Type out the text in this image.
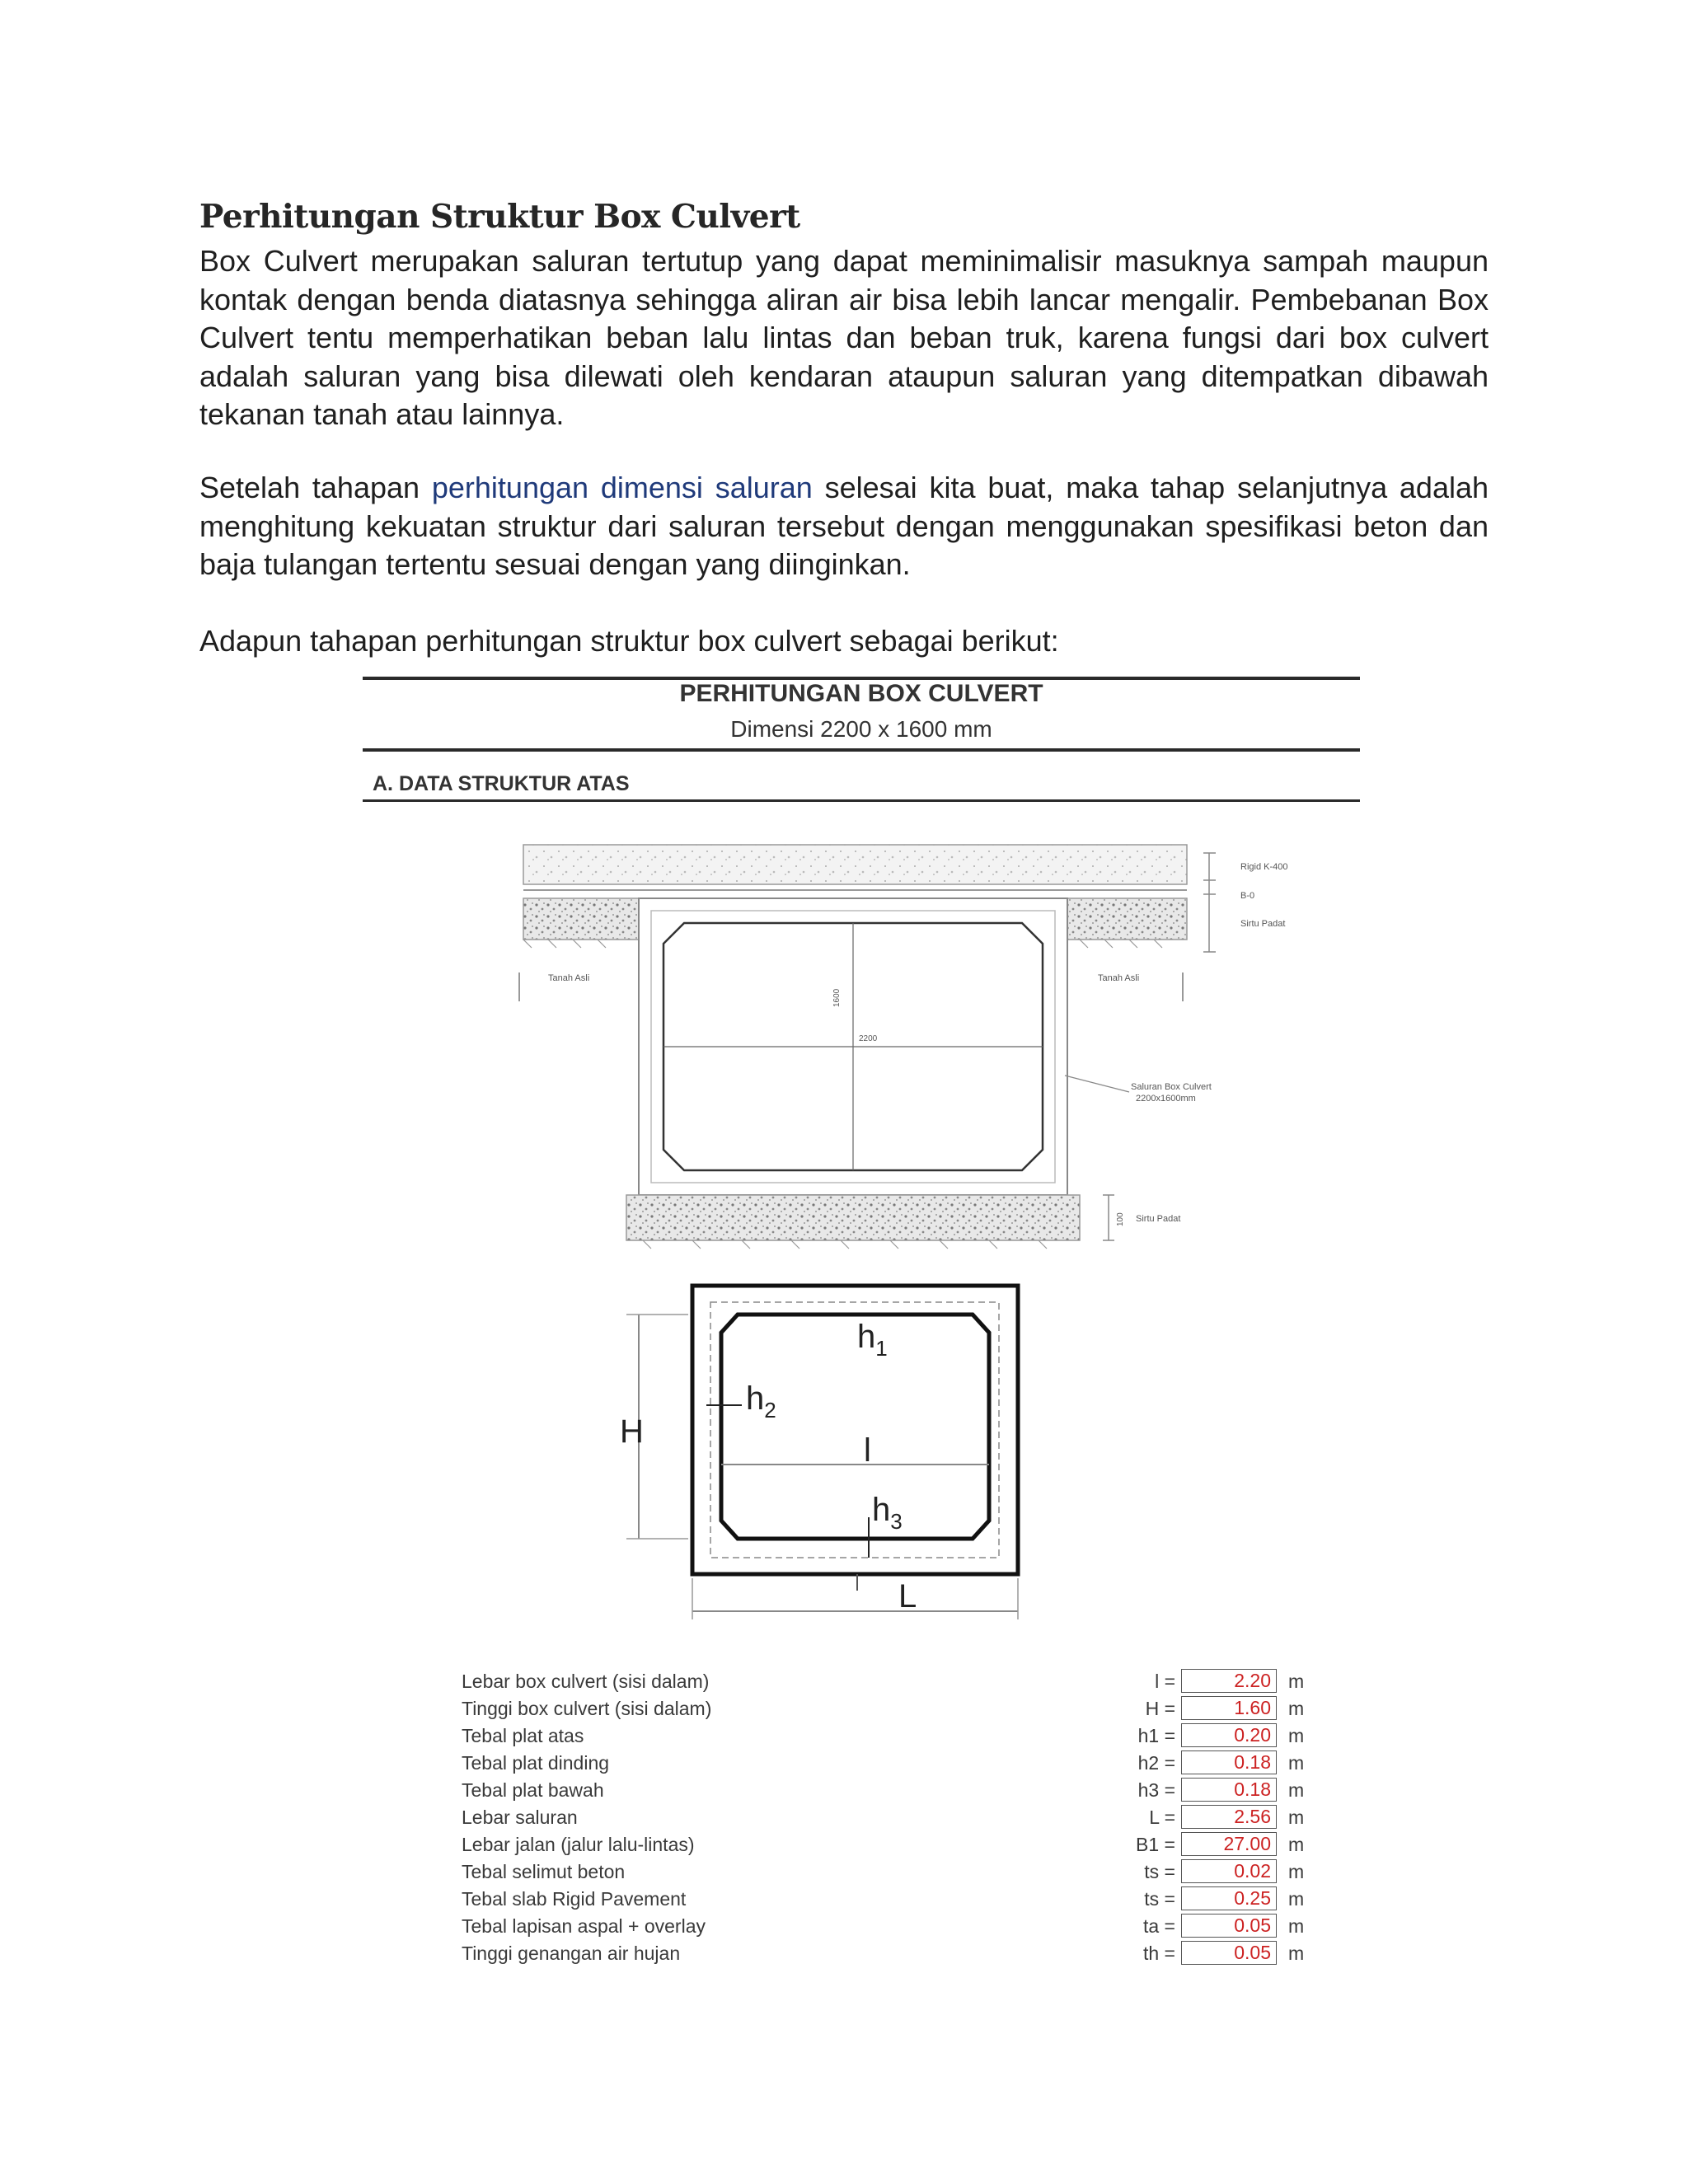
Perhitungan Struktur Box Culvert

Box Culvert merupakan saluran tertutup yang dapat meminimalisir masuknya sampah maupun kontak dengan benda diatasnya sehingga aliran air bisa lebih lancar mengalir. Pembebanan Box Culvert tentu memperhatikan beban lalu lintas dan beban truk, karena fungsi dari box culvert adalah saluran yang bisa dilewati oleh kendaran ataupun saluran yang ditempatkan dibawah tekanan tanah atau lainnya.

Setelah tahapan perhitungan dimensi saluran selesai kita buat, maka tahap selanjutnya adalah menghitung kekuatan struktur dari saluran tersebut dengan menggunakan spesifikasi beton dan baja tulangan tertentu sesuai dengan yang diinginkan.

Adapun tahapan perhitungan struktur box culvert sebagai berikut:

PERHITUNGAN BOX CULVERT
Dimensi 2200 x 1600 mm
A. DATA STRUKTUR ATAS
1600
2200
Tanah Asli	Tanah Asli
Rigid K-400
B-0
Sirtu Padat
Saluran Box Culvert
2200x1600mm
100 Sirtu Padat
H
$h_1$
$h_2$
l
$h_3$
L
Lebar box culvert (sisi dalam)	l =	2.20 m
Tinggi box culvert (sisi dalam)	H =	1.60 m
Tebal plat atas	h1 =	0.20 m
Tebal plat dinding	h2 =	0.18 m
Tebal plat bawah	h3 =	0.18 m
Lebar saluran	L =	2.56 m
Lebar jalan (jalur lalu-lintas)	B1 =	27.00 m
Tebal selimut beton	ts =	0.02 m
Tebal slab Rigid Pavement	ts =	0.25 m
Tebal lapisan aspal + overlay	ta =	0.05 m
Tinggi genangan air hujan	th =	0.05 m
